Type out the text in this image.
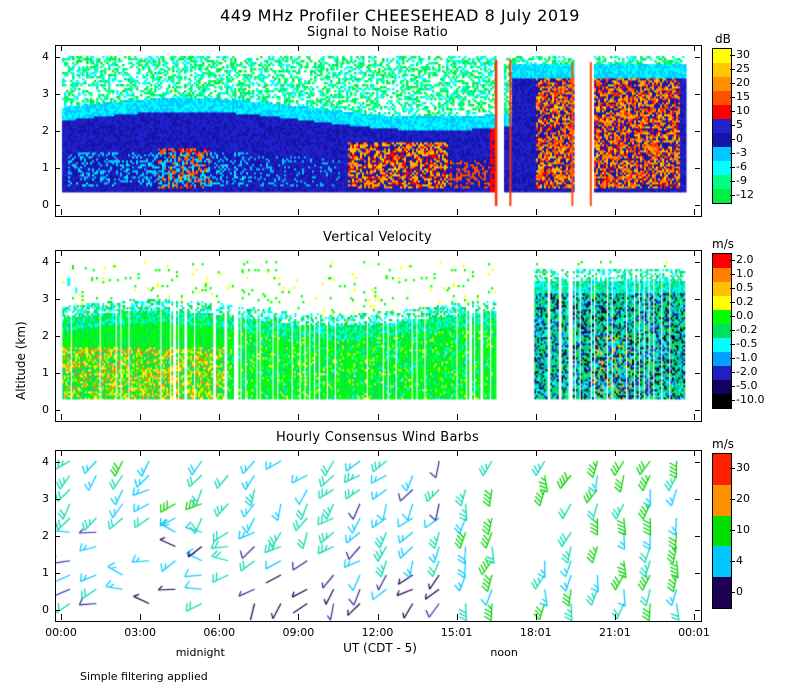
449 MHz Profiler CHEESEHEAD 8 July 2019
Signal to Noise Ratio
Vertical Velocity
Hourly Consensus Wind Barbs
Altitude (km)
UT (CDT - 5)
Simple filtering applied
dB
30
25
20
15
10
5
0
-3
-6
-9
-12
m/s
2.0
1.0
0.5
0.2
0.0
-0.2
-0.5
-1.0
-2.0
-5.0
-10.0
m/s
30
20
10
4
0
0
1
2
3
4
0
1
2
3
4
0
1
2
3
4
00:00	03:00	06:00	09:00	12:00	15:01	18:01	21:01	00:01
midnight	noon
